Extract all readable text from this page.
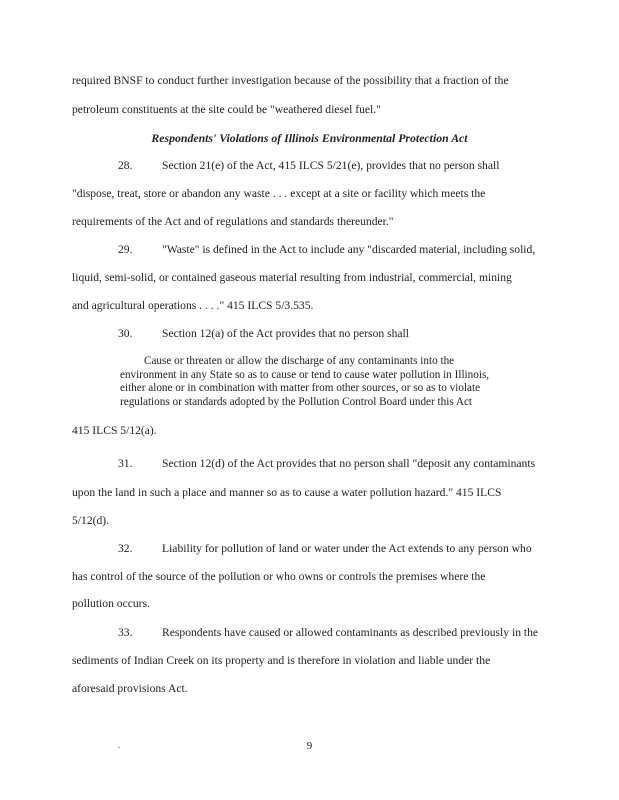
required BNSF to conduct further investigation because of the possibility that a fraction of the
petroleum constituents at the site could be "weathered diesel fuel."
Respondents' Violations of Illinois Environmental Protection Act
28.	Section 21(e) of the Act, 415 ILCS 5/21(e), provides that no person shall
"dispose, treat, store or abandon any waste . . . except at a site or facility which meets the
requirements of the Act and of regulations and standards thereunder."
29.	"Waste" is defined in the Act to include any "discarded material, including solid,
liquid, semi-solid, or contained gaseous material resulting from industrial, commercial, mining
and agricultural operations . . . ." 415 ILCS 5/3.535.
30.	Section 12(a) of the Act provides that no person shall
Cause or threaten or allow the discharge of any contaminants into the
environment in any State so as to cause or tend to cause water pollution in Illinois,
either alone or in combination with matter from other sources, or so as to violate
regulations or standards adopted by the Pollution Control Board under this Act
415 ILCS 5/12(a).
31.	Section 12(d) of the Act provides that no person shall "deposit any contaminants
upon the land in such a place and manner so as to cause a water pollution hazard." 415 ILCS
5/12(d).
32.	Liability for pollution of land or water under the Act extends to any person who
has control of the source of the pollution or who owns or controls the premises where the
pollution occurs.
33.	Respondents have caused or allowed contaminants as described previously in the
sediments of Indian Creek on its property and is therefore in violation and liable under the
aforesaid provisions Act.
9
